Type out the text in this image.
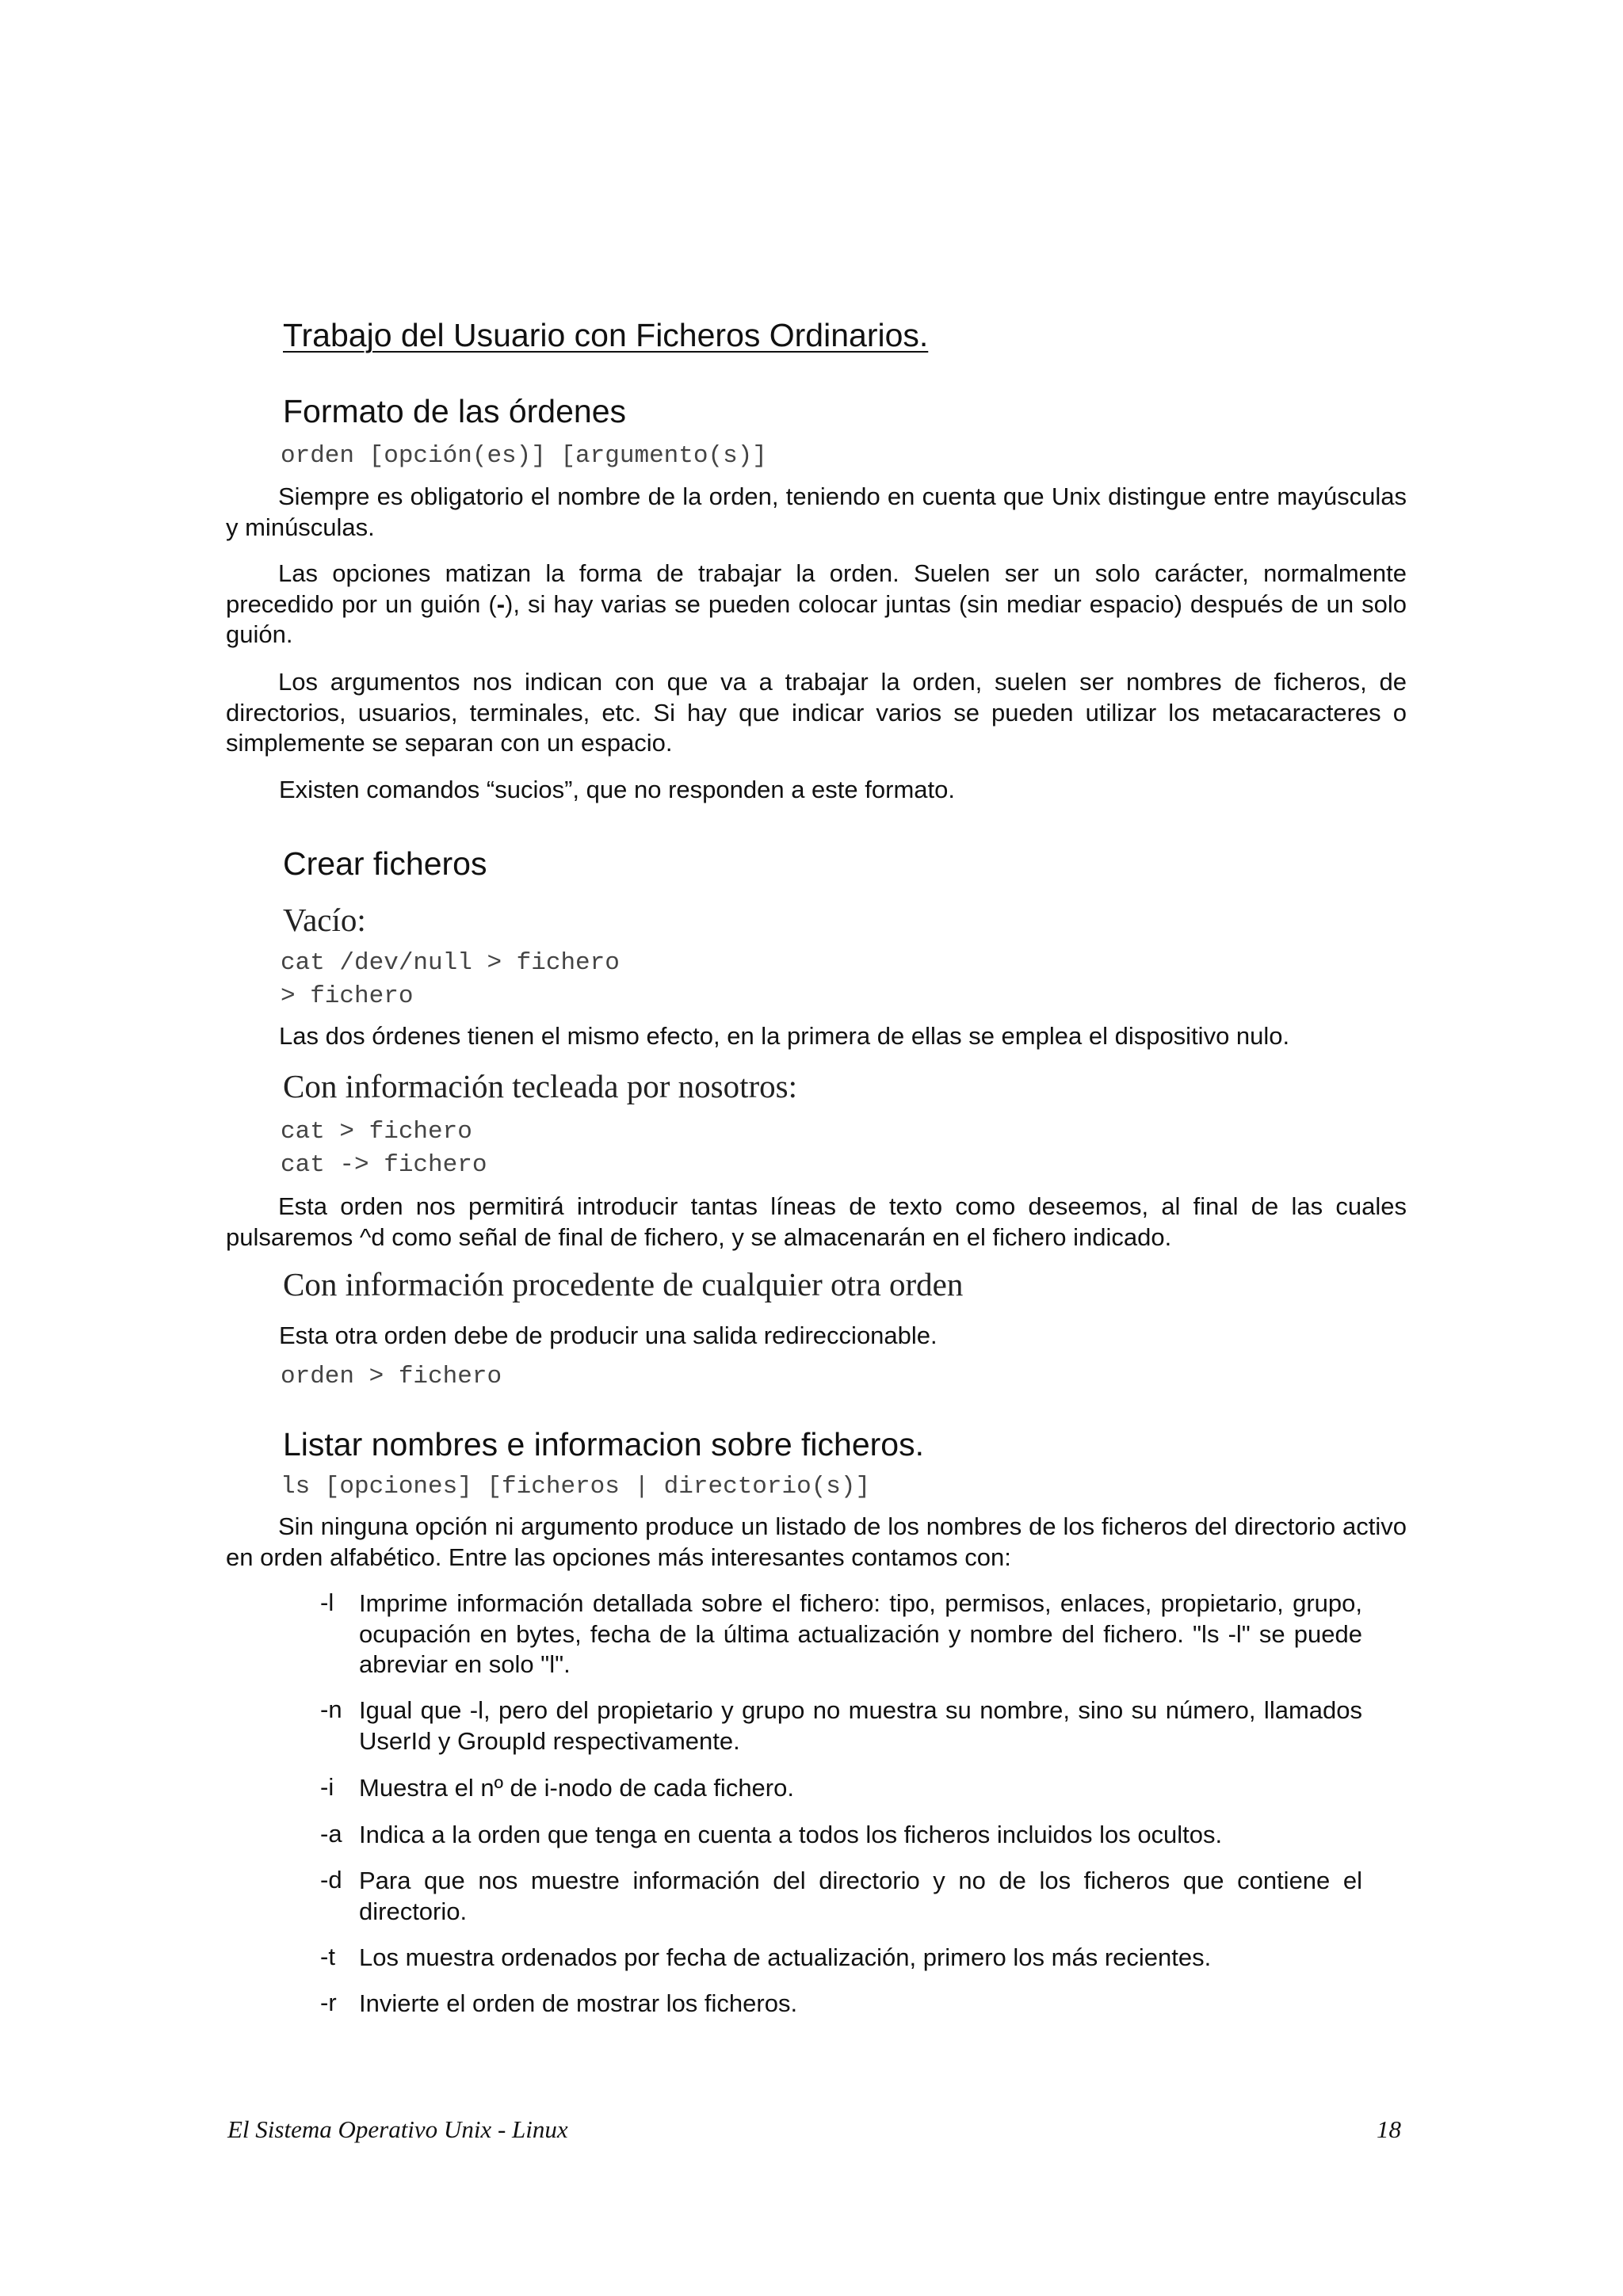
Trabajo del Usuario con Ficheros Ordinarios.
Formato de las órdenes
orden [opción(es)] [argumento(s)]

Siempre es obligatorio el nombre de la orden, teniendo en cuenta que Unix distingue entre mayúsculas y minúsculas.

Las opciones matizan la forma de trabajar la orden. Suelen ser un solo carácter, normalmente precedido por un guión (-), si hay varias se pueden colocar juntas (sin mediar espacio) después de un solo guión.

Los argumentos nos indican con que va a trabajar la orden, suelen ser nombres de ficheros, de directorios, usuarios, terminales, etc. Si hay que indicar varios se pueden utilizar los metacaracteres o simplemente se separan con un espacio.

Existen comandos “sucios”, que no responden a este formato.

Crear ficheros
Vacío:
cat /dev/null > fichero
> fichero

Las dos órdenes tienen el mismo efecto, en la primera de ellas se emplea el dispositivo nulo.

Con información tecleada por nosotros:
cat > fichero
cat -> fichero

Esta orden nos permitirá introducir tantas líneas de texto como deseemos, al final de las cuales pulsaremos ^d como señal de final de fichero, y se almacenarán en el fichero indicado.

Con información procedente de cualquier otra orden

Esta otra orden debe de producir una salida redireccionable.

orden > fichero
Listar nombres e informacion sobre ficheros.
ls [opciones] [ficheros | directorio(s)]

Sin ninguna opción ni argumento produce un listado de los nombres de los ficheros del directorio activo en orden alfabético. Entre las opciones más interesantes contamos con:

-l Imprime información detallada sobre el fichero: tipo, permisos, enlaces, propietario, grupo, ocupación en bytes, fecha de la última actualización y nombre del fichero. "ls -l" se puede abreviar en solo "l".
-n Igual que -l, pero del propietario y grupo no muestra su nombre, sino su número, llamados UserId y GroupId respectivamente.
-i Muestra el nº de i-nodo de cada fichero.
-a Indica a la orden que tenga en cuenta a todos los ficheros incluidos los ocultos.
-d Para que nos muestre información del directorio y no de los ficheros que contiene el directorio.
-t Los muestra ordenados por fecha de actualización, primero los más recientes.
-r Invierte el orden de mostrar los ficheros.
El Sistema Operativo Unix - Linux	18
